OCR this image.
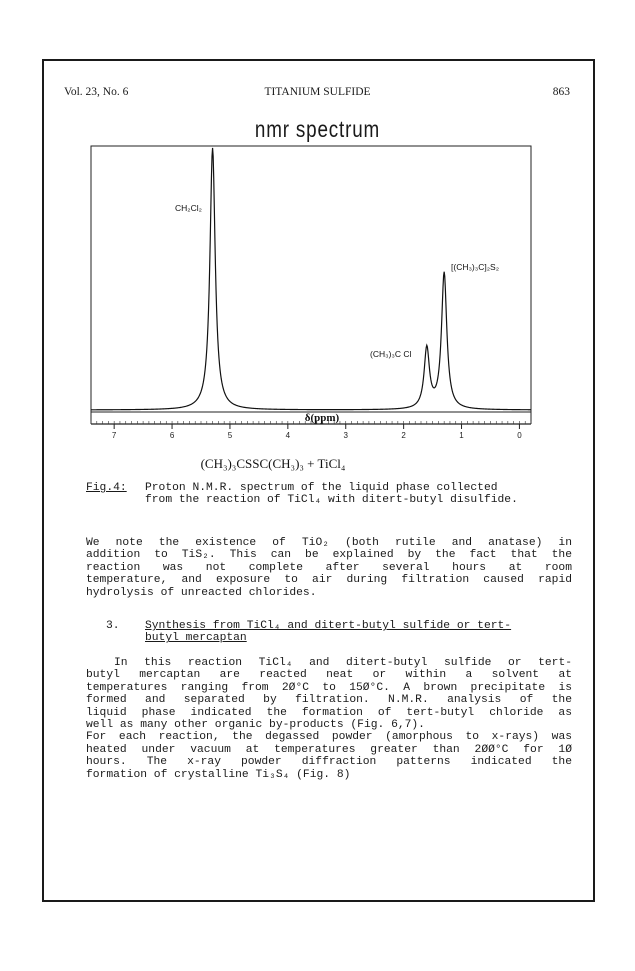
Vol. 23, No. 6	TITANIUM SULFIDE	863
nmr spectrum
CH₂Cl₂
(CH₃)₃C Cl
[(CH₃)₃C]₂S₂
δ(ppm)
7	6	5	4	3	2	1	0
(CH₃)₃CSSC(CH₃)₃ + TiCl₄
Fig.4: Proton N.M.R. spectrum of the liquid phase collected
from the reaction of TiCl₄ with ditert-butyl disulfide.
We note the existence of TiO₂ (both rutile and anatase) in
addition to TiS₂. This can be explained by the fact that the
reaction was not complete after several hours at room
temperature, and exposure to air during filtration caused rapid
hydrolysis of unreacted chlorides.
3. Synthesis from TiCl₄ and ditert-butyl sulfide or tert-
butyl mercaptan
In this reaction TiCl₄ and ditert-butyl sulfide or tert-
butyl mercaptan are reacted neat or within a solvent at
temperatures ranging from 2Ø°C to 15Ø°C. A brown precipitate is
formed and separated by filtration. N.M.R. analysis of the
liquid phase indicated the formation of tert-butyl chloride as
well as many other organic by-products (Fig. 6,7).
For each reaction, the degassed powder (amorphous to x-rays) was
heated under vacuum at temperatures greater than 2ØØ°C for 1Ø
hours. The x-ray powder diffraction patterns indicated the
formation of crystalline Ti₃S₄ (Fig. 8)
